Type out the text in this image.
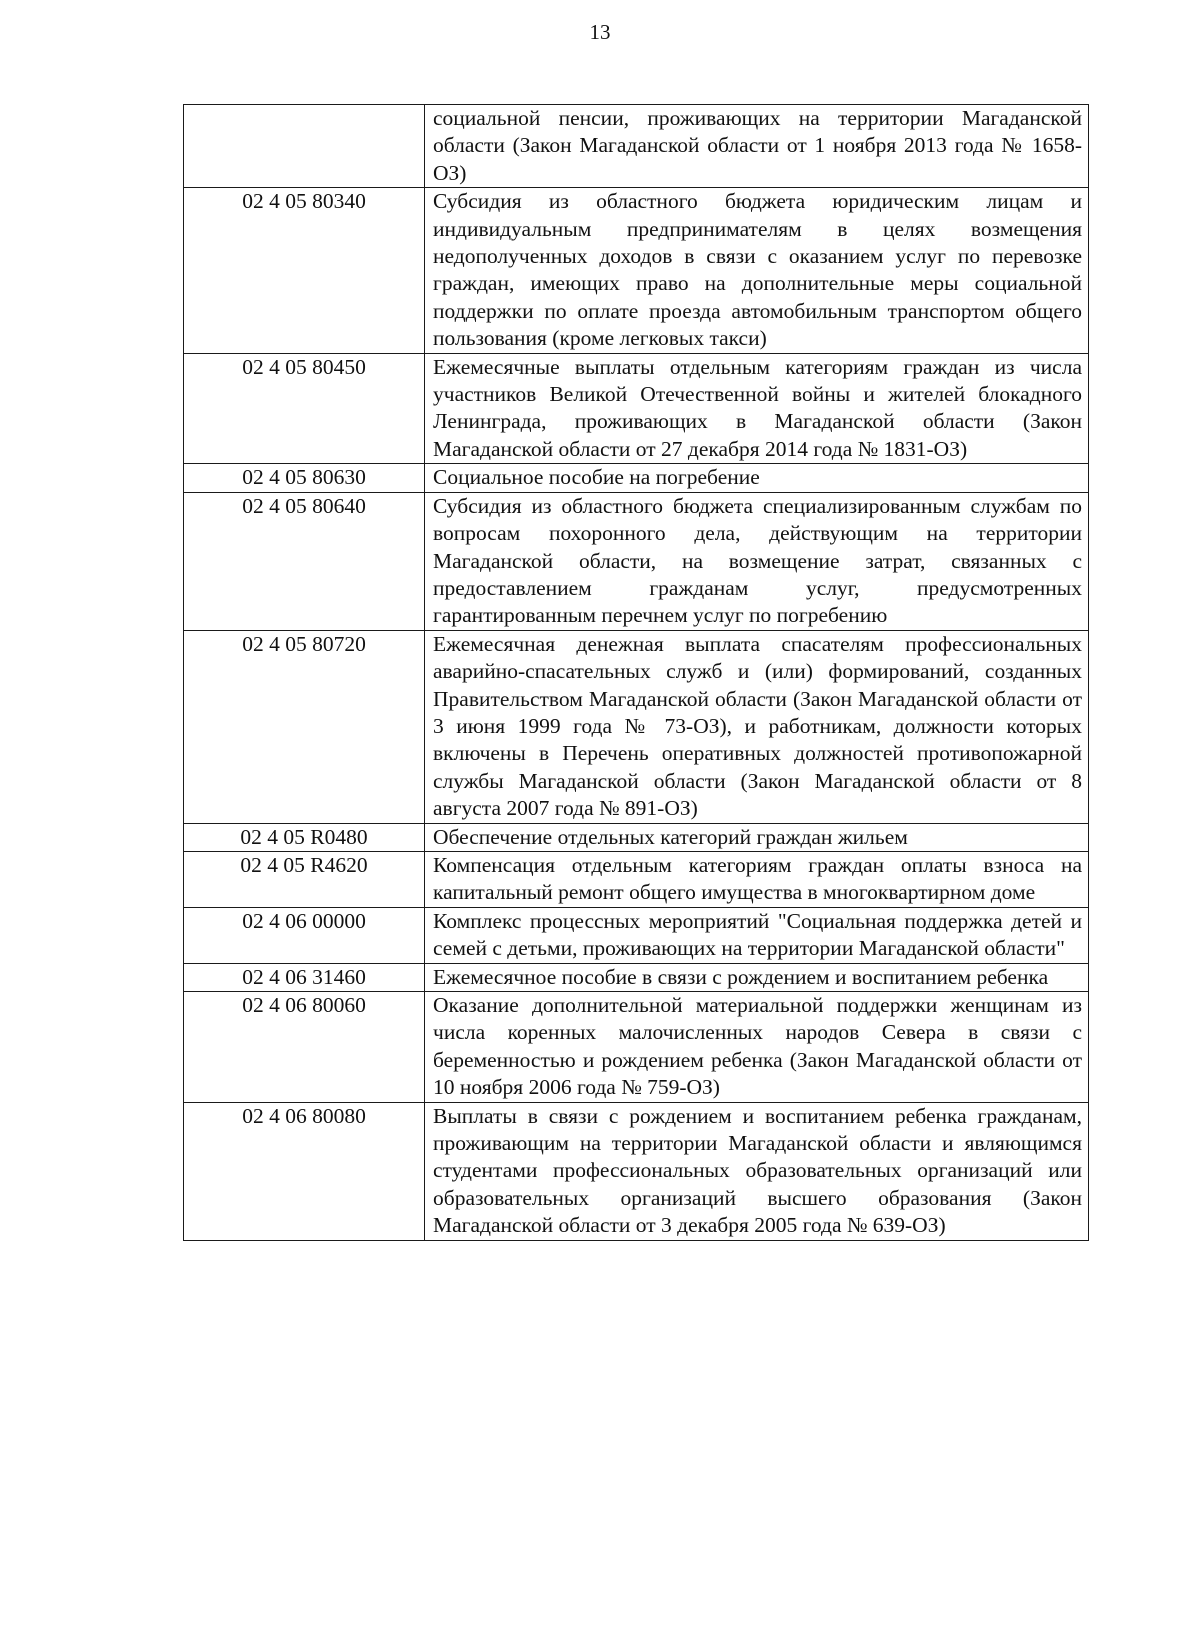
13
	социальной пенсии, проживающих на территории Магаданской области (Закон Магаданской области от 1 ноября 2013 года № 1658-ОЗ)
02 4 05 80340	Субсидия из областного бюджета юридическим лицам и индивидуальным предпринимателям в целях возмещения недополученных доходов в связи с оказанием услуг по перевозке граждан, имеющих право на дополнительные меры социальной поддержки по оплате проезда автомобильным транспортом общего пользования (кроме легковых такси)
02 4 05 80450	Ежемесячные выплаты отдельным категориям граждан из числа участников Великой Отечественной войны и жителей блокадного Ленинграда, проживающих в Магаданской области (Закон Магаданской области от 27 декабря 2014 года № 1831-ОЗ)
02 4 05 80630	Социальное пособие на погребение
02 4 05 80640	Субсидия из областного бюджета специализированным службам по вопросам похоронного дела, действующим на территории Магаданской области, на возмещение затрат, связанных с предоставлением гражданам услуг, предусмотренных гарантированным перечнем услуг по погребению
02 4 05 80720	Ежемесячная денежная выплата спасателям профессиональных аварийно-спасательных служб и (или) формирований, созданных Правительством Магаданской области (Закон Магаданской области от 3 июня 1999 года № 73-ОЗ), и работникам, должности которых включены в Перечень оперативных должностей противопожарной службы Магаданской области (Закон Магаданской области от 8 августа 2007 года № 891-ОЗ)
02 4 05 R0480	Обеспечение отдельных категорий граждан жильем
02 4 05 R4620	Компенсация отдельным категориям граждан оплаты взноса на капитальный ремонт общего имущества в многоквартирном доме
02 4 06 00000	Комплекс процессных мероприятий "Социальная поддержка детей и семей с детьми, проживающих на территории Магаданской области"
02 4 06 31460	Ежемесячное пособие в связи с рождением и воспитанием ребенка
02 4 06 80060	Оказание дополнительной материальной поддержки женщинам из числа коренных малочисленных народов Севера в связи с беременностью и рождением ребенка (Закон Магаданской области от 10 ноября 2006 года № 759-ОЗ)
02 4 06 80080	Выплаты в связи с рождением и воспитанием ребенка гражданам, проживающим на территории Магаданской области и являющимся студентами профессиональных образовательных организаций или образовательных организаций высшего образования (Закон Магаданской области от 3 декабря 2005 года № 639-ОЗ)
